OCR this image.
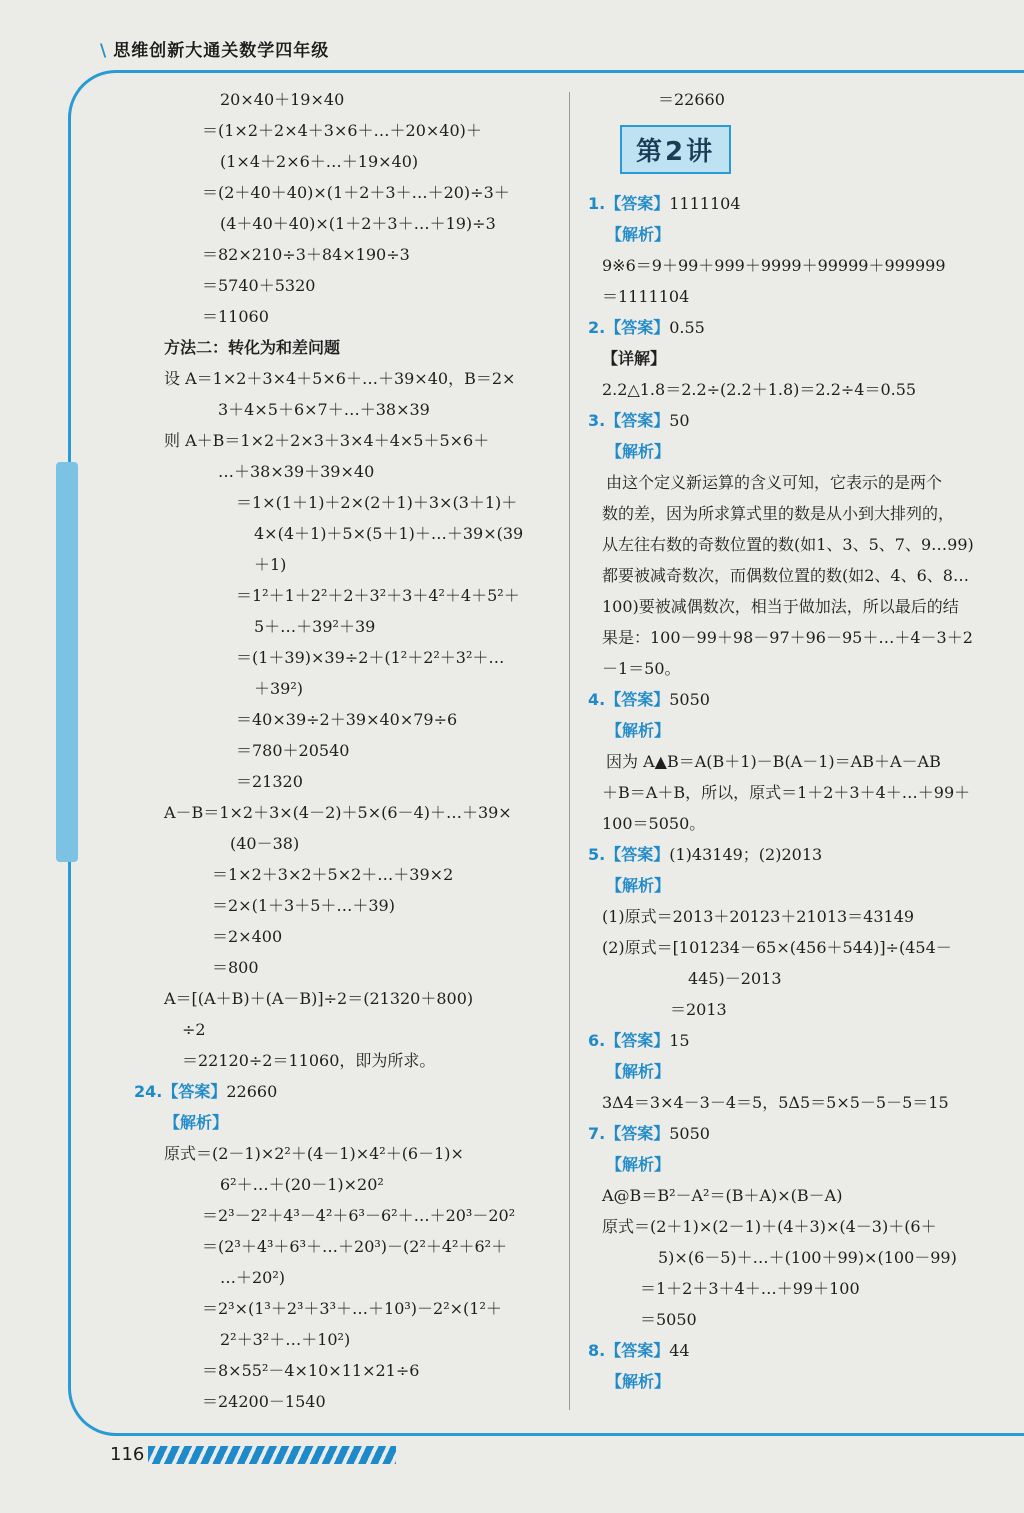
\ 思维创新大通关数学四年级
20×40＋19×40
＝(1×2＋2×4＋3×6＋…＋20×40)＋
(1×4＋2×6＋…＋19×40)
＝(2＋40＋40)×(1＋2＋3＋…＋20)÷3＋
(4＋40＋40)×(1＋2＋3＋…＋19)÷3
＝82×210÷3＋84×190÷3
＝5740＋5320
＝11060
方法二：转化为和差问题
设 A＝1×2＋3×4＋5×6＋…＋39×40，B＝2×
3＋4×5＋6×7＋…＋38×39
则 A＋B＝1×2＋2×3＋3×4＋4×5＋5×6＋
…＋38×39＋39×40
＝1×(1＋1)＋2×(2＋1)＋3×(3＋1)＋
4×(4＋1)＋5×(5＋1)＋…＋39×(39
＋1)
＝1²＋1＋2²＋2＋3²＋3＋4²＋4＋5²＋
5＋…＋39²＋39
＝(1＋39)×39÷2＋(1²＋2²＋3²＋…
＋39²)
＝40×39÷2＋39×40×79÷6
＝780＋20540
＝21320
A－B＝1×2＋3×(4－2)＋5×(6－4)＋…＋39×
(40－38)
＝1×2＋3×2＋5×2＋…＋39×2
＝2×(1＋3＋5＋…＋39)
＝2×400
＝800
A＝[(A＋B)＋(A－B)]÷2＝(21320＋800)
÷2
＝22120÷2＝11060，即为所求。
24.【答案】22660
【解析】
原式＝(2－1)×2²＋(4－1)×4²＋(6－1)×
6²＋…＋(20－1)×20²
＝2³－2²＋4³－4²＋6³－6²＋…＋20³－20²
＝(2³＋4³＋6³＋…＋20³)－(2²＋4²＋6²＋
…＋20²)
＝2³×(1³＋2³＋3³＋…＋10³)－2²×(1²＋
2²＋3²＋…＋10²)
＝8×55²－4×10×11×21÷6
＝24200－1540
＝22660
第2讲
1.【答案】1111104
【解析】
9※6＝9＋99＋999＋9999＋99999＋999999
＝1111104
2.【答案】0.55
【详解】
2.2△1.8＝2.2÷(2.2＋1.8)＝2.2÷4＝0.55
3.【答案】50
【解析】
由这个定义新运算的含义可知，它表示的是两个
数的差，因为所求算式里的数是从小到大排列的，
从左往右数的奇数位置的数(如1、3、5、7、9…99)
都要被减奇数次，而偶数位置的数(如2、4、6、8…
100)要被减偶数次，相当于做加法，所以最后的结
果是：100－99＋98－97＋96－95＋…＋4－3＋2
－1＝50。
4.【答案】5050
【解析】
因为 A▲B＝A(B＋1)－B(A－1)＝AB＋A－AB
＋B＝A＋B，所以，原式＝1＋2＋3＋4＋…＋99＋
100＝5050。
5.【答案】(1)43149；(2)2013
【解析】
(1)原式＝2013＋20123＋21013＝43149
(2)原式＝[101234－65×(456＋544)]÷(454－
445)－2013
＝2013
6.【答案】15
【解析】
3Δ4＝3×4－3－4＝5，5Δ5＝5×5－5－5＝15
7.【答案】5050
【解析】
A@B＝B²－A²＝(B＋A)×(B－A)
原式＝(2＋1)×(2－1)＋(4＋3)×(4－3)＋(6＋
5)×(6－5)＋…＋(100＋99)×(100－99)
＝1＋2＋3＋4＋…＋99＋100
＝5050
8.【答案】44
【解析】
116
